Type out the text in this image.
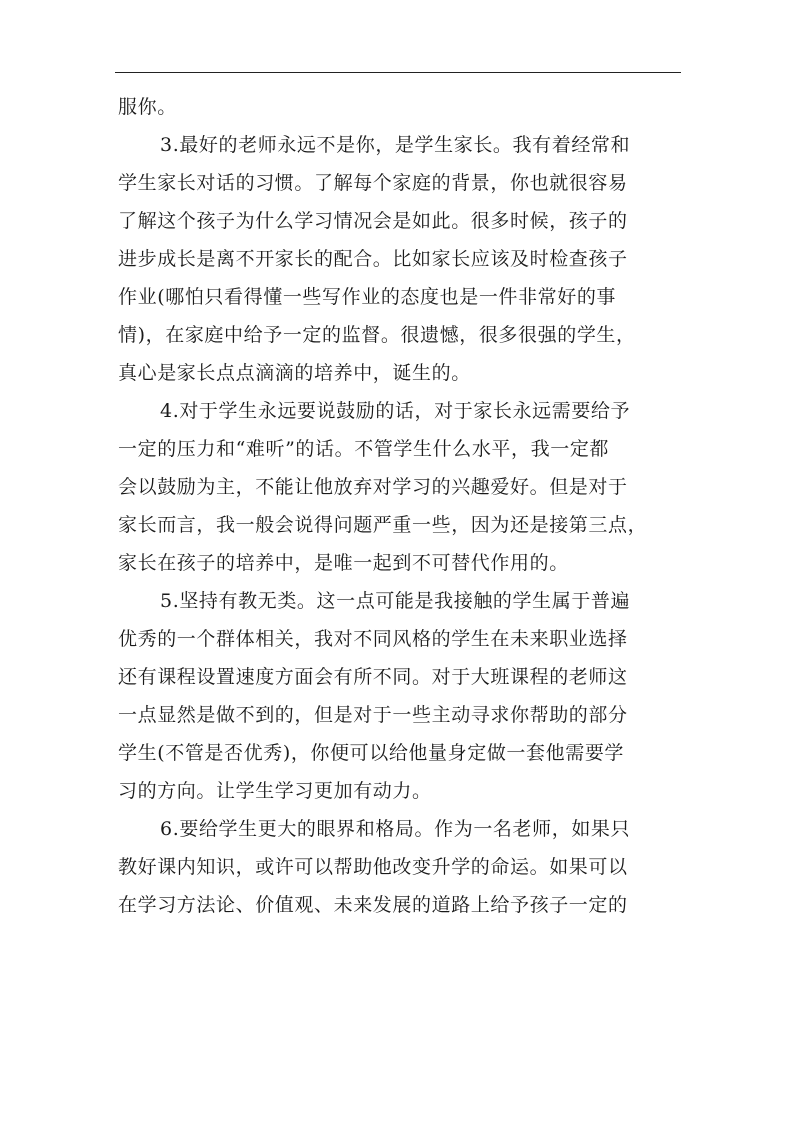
服你。

3.最好的老师永远不是你，是学生家长。我有着经常和
学生家长对话的习惯。了解每个家庭的背景，你也就很容易
了解这个孩子为什么学习情况会是如此。很多时候，孩子的
进步成长是离不开家长的配合。比如家长应该及时检查孩子
作业(哪怕只看得懂一些写作业的态度也是一件非常好的事
情)，在家庭中给予一定的监督。很遗憾，很多很强的学生，
真心是家长点点滴滴的培养中，诞生的。

4.对于学生永远要说鼓励的话，对于家长永远需要给予
一定的压力和“难听”的话。不管学生什么水平，我一定都
会以鼓励为主，不能让他放弃对学习的兴趣爱好。但是对于
家长而言，我一般会说得问题严重一些，因为还是接第三点，
家长在孩子的培养中，是唯一起到不可替代作用的。

5.坚持有教无类。这一点可能是我接触的学生属于普遍
优秀的一个群体相关，我对不同风格的学生在未来职业选择
还有课程设置速度方面会有所不同。对于大班课程的老师这
一点显然是做不到的，但是对于一些主动寻求你帮助的部分
学生(不管是否优秀)，你便可以给他量身定做一套他需要学
习的方向。让学生学习更加有动力。

6.要给学生更大的眼界和格局。作为一名老师，如果只
教好课内知识，或许可以帮助他改变升学的命运。如果可以
在学习方法论、价值观、未来发展的道路上给予孩子一定的
